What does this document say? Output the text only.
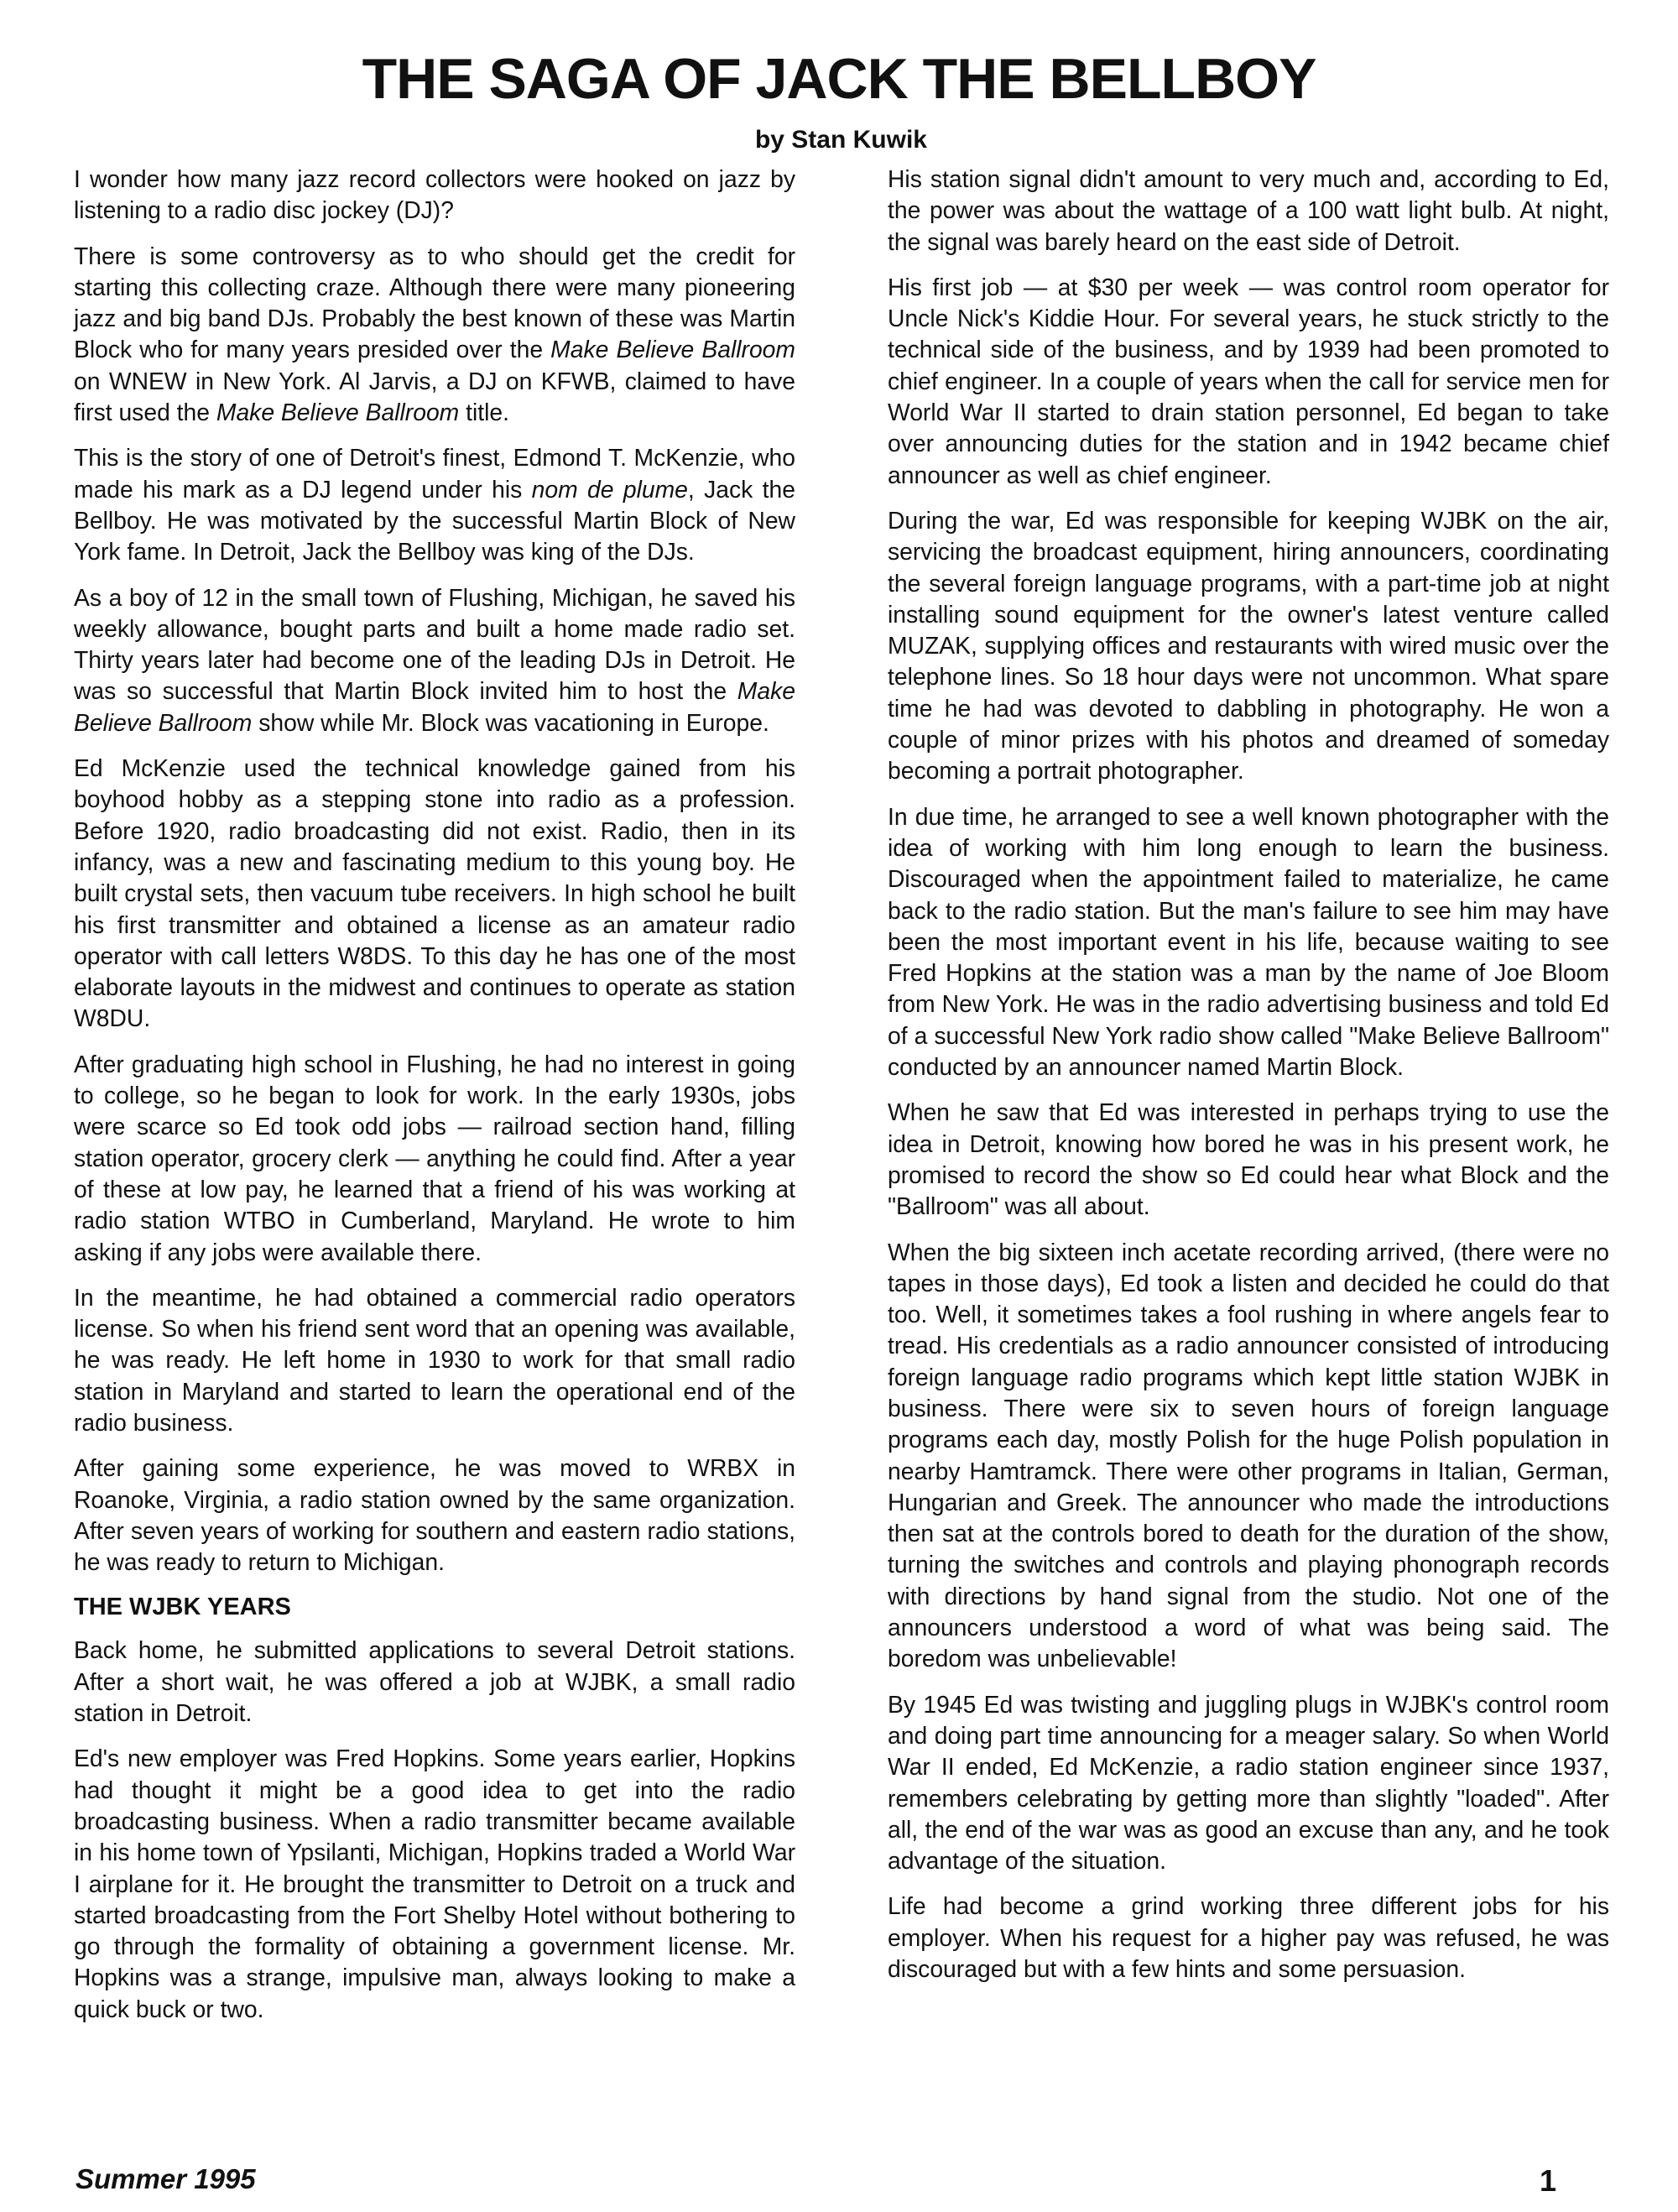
THE SAGA OF JACK THE BELLBOY
by Stan Kuwik

I wonder how many jazz record collectors were hooked on jazz by listening to a radio disc jockey (DJ)?

There is some controversy as to who should get the credit for starting this collecting craze. Although there were many pioneering jazz and big band DJs. Probably the best known of these was Martin Block who for many years presided over the Make Believe Ballroom on WNEW in New York. Al Jarvis, a DJ on KFWB, claimed to have first used the Make Believe Ballroom title.

This is the story of one of Detroit's finest, Edmond T. McKenzie, who made his mark as a DJ legend under his nom de plume, Jack the Bellboy. He was motivated by the successful Martin Block of New York fame. In Detroit, Jack the Bellboy was king of the DJs.

As a boy of 12 in the small town of Flushing, Michigan, he saved his weekly allowance, bought parts and built a home made radio set. Thirty years later had become one of the leading DJs in Detroit. He was so successful that Martin Block invited him to host the Make Believe Ballroom show while Mr. Block was vacationing in Europe.

Ed McKenzie used the technical knowledge gained from his boyhood hobby as a stepping stone into radio as a profession. Before 1920, radio broadcasting did not exist. Radio, then in its infancy, was a new and fascinating medium to this young boy. He built crystal sets, then vacuum tube receivers. In high school he built his first transmitter and obtained a license as an amateur radio operator with call letters W8DS. To this day he has one of the most elaborate layouts in the midwest and continues to operate as station W8DU.

After graduating high school in Flushing, he had no interest in going to college, so he began to look for work. In the early 1930s, jobs were scarce so Ed took odd jobs — railroad section hand, filling station operator, grocery clerk — anything he could find. After a year of these at low pay, he learned that a friend of his was working at radio station WTBO in Cumberland, Maryland. He wrote to him asking if any jobs were available there.

In the meantime, he had obtained a commercial radio operators license. So when his friend sent word that an opening was available, he was ready. He left home in 1930 to work for that small radio station in Maryland and started to learn the operational end of the radio business.

After gaining some experience, he was moved to WRBX in Roanoke, Virginia, a radio station owned by the same organization. After seven years of working for southern and eastern radio stations, he was ready to return to Michigan.

THE WJBK YEARS

Back home, he submitted applications to several Detroit stations. After a short wait, he was offered a job at WJBK, a small radio station in Detroit.

Ed's new employer was Fred Hopkins. Some years earlier, Hopkins had thought it might be a good idea to get into the radio broadcasting business. When a radio transmitter became available in his home town of Ypsilanti, Michigan, Hopkins traded a World War I airplane for it. He brought the transmitter to Detroit on a truck and started broadcasting from the Fort Shelby Hotel without bothering to go through the formality of obtaining a government license. Mr. Hopkins was a strange, impulsive man, always looking to make a quick buck or two.

His station signal didn't amount to very much and, according to Ed, the power was about the wattage of a 100 watt light bulb. At night, the signal was barely heard on the east side of Detroit.

His first job — at $30 per week — was control room operator for Uncle Nick's Kiddie Hour. For several years, he stuck strictly to the technical side of the business, and by 1939 had been promoted to chief engineer. In a couple of years when the call for service men for World War II started to drain station personnel, Ed began to take over announcing duties for the station and in 1942 became chief announcer as well as chief engineer.

During the war, Ed was responsible for keeping WJBK on the air, servicing the broadcast equipment, hiring announcers, coordinating the several foreign language programs, with a part-time job at night installing sound equipment for the owner's latest venture called MUZAK, supplying offices and restaurants with wired music over the telephone lines. So 18 hour days were not uncommon. What spare time he had was devoted to dabbling in photography. He won a couple of minor prizes with his photos and dreamed of someday becoming a portrait photographer.

In due time, he arranged to see a well known photographer with the idea of working with him long enough to learn the business. Discouraged when the appointment failed to materialize, he came back to the radio station. But the man's failure to see him may have been the most important event in his life, because waiting to see Fred Hopkins at the station was a man by the name of Joe Bloom from New York. He was in the radio advertising business and told Ed of a successful New York radio show called "Make Believe Ballroom" conducted by an announcer named Martin Block.

When he saw that Ed was interested in perhaps trying to use the idea in Detroit, knowing how bored he was in his present work, he promised to record the show so Ed could hear what Block and the "Ballroom" was all about.

When the big sixteen inch acetate recording arrived, (there were no tapes in those days), Ed took a listen and decided he could do that too. Well, it sometimes takes a fool rushing in where angels fear to tread. His credentials as a radio announcer consisted of introducing foreign language radio programs which kept little station WJBK in business. There were six to seven hours of foreign language programs each day, mostly Polish for the huge Polish population in nearby Hamtramck. There were other programs in Italian, German, Hungarian and Greek. The announcer who made the introductions then sat at the controls bored to death for the duration of the show, turning the switches and controls and playing phonograph records with directions by hand signal from the studio. Not one of the announcers understood a word of what was being said. The boredom was unbelievable!

By 1945 Ed was twisting and juggling plugs in WJBK's control room and doing part time announcing for a meager salary. So when World War II ended, Ed McKenzie, a radio station engineer since 1937, remembers celebrating by getting more than slightly "loaded". After all, the end of the war was as good an excuse than any, and he took advantage of the situation.

Life had become a grind working three different jobs for his employer. When his request for a higher pay was refused, he was discouraged but with a few hints and some persuasion.

Summer 1995	1
